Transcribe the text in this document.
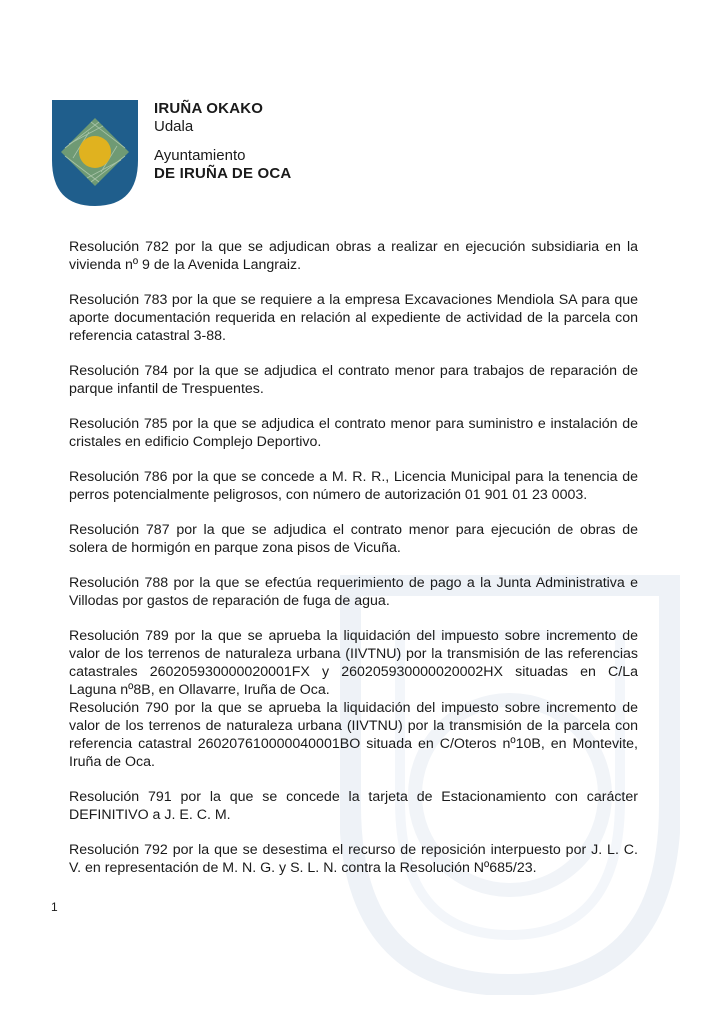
IRUÑA OKAKO
Udala
Ayuntamiento
DE IRUÑA DE OCA

Resolución 782 por la que se adjudican obras a realizar en ejecución subsidiaria en la vivienda nº 9 de la Avenida Langraiz.

Resolución 783 por la que se requiere a la empresa Excavaciones Mendiola SA para que aporte documentación requerida en relación al expediente de actividad de la parcela con referencia catastral 3-88.

Resolución 784 por la que se adjudica el contrato menor para trabajos de reparación de parque infantil de Trespuentes.

Resolución 785 por la que se adjudica el contrato menor para suministro e instalación de cristales en edificio Complejo Deportivo.

Resolución 786 por la que se concede a M. R. R., Licencia Municipal para la tenencia de perros potencialmente peligrosos, con número de autorización 01 901 01 23 0003.

Resolución 787 por la que se adjudica el contrato menor para ejecución de obras de solera de hormigón en parque zona pisos de Vicuña.

Resolución 788 por la que se efectúa requerimiento de pago a la Junta Administrativa e Villodas por gastos de reparación de fuga de agua.

Resolución 789 por la que se aprueba la liquidación del impuesto sobre incremento de valor de los terrenos de naturaleza urbana (IIVTNU) por la transmisión de las referencias catastrales 260205930000020001FX y 260205930000020002HX situadas en C/La Laguna nº8B, en Ollavarre, Iruña de Oca.

Resolución 790 por la que se aprueba la liquidación del impuesto sobre incremento de valor de los terrenos de naturaleza urbana (IIVTNU) por la transmisión de la parcela con referencia catastral 260207610000040001BO situada en C/Oteros nº10B, en Montevite, Iruña de Oca.

Resolución 791 por la que se concede la tarjeta de Estacionamiento con carácter DEFINITIVO a J. E. C. M.

Resolución 792 por la que se desestima el recurso de reposición interpuesto por J. L. C. V. en representación de M. N. G. y S. L. N. contra la Resolución Nº685/23.

1
